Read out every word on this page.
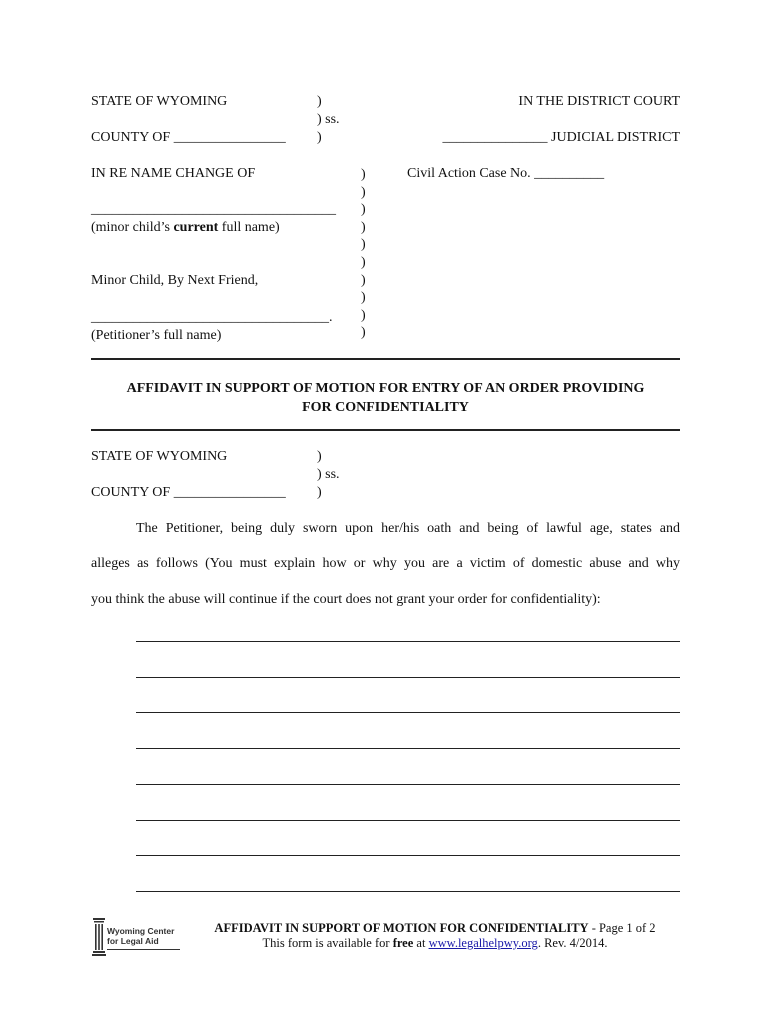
STATE OF WYOMING
COUNTY OF ________________
)
) ss.
)
IN THE DISTRICT COURT
_______________ JUDICIAL DISTRICT
IN RE NAME CHANGE OF	Civil Action Case No. __________
___________________________________
(minor child’s current full name)
Minor Child, By Next Friend,
__________________________________.
(Petitioner’s full name)
)
)
)
)
)
)
)
)
)
)
AFFIDAVIT IN SUPPORT OF MOTION FOR ENTRY OF AN ORDER PROVIDING
FOR CONFIDENTIALITY
STATE OF WYOMING
COUNTY OF ________________
)
) ss.
)
The Petitioner, being duly sworn upon her/his oath and being of lawful age, states and
alleges as follows (You must explain how or why you are a victim of domestic abuse and why
you think the abuse will continue if the court does not grant your order for confidentiality):
Wyoming Center
for Legal Aid
AFFIDAVIT IN SUPPORT OF MOTION FOR CONFIDENTIALITY - Page 1 of 2
This form is available for free at www.legalhelpwy.org. Rev. 4/2014.
